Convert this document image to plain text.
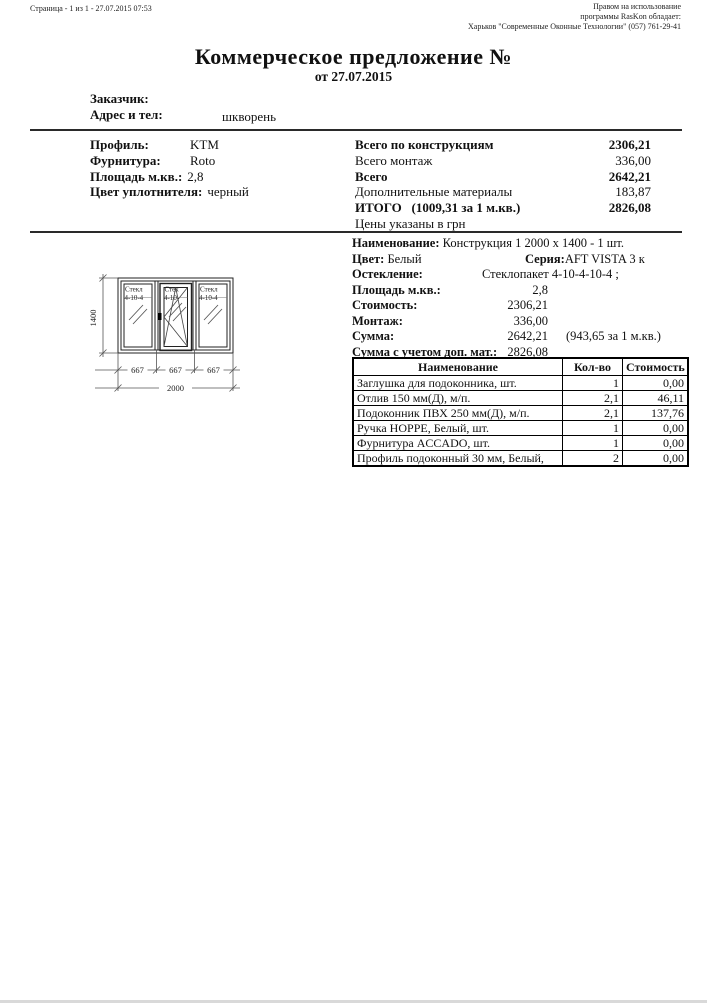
Страница - 1 из 1 - 27.07.2015 07:53	Правом на использование
программы RasKon обладает:
Харьков "Современные Оконные Технологии" (057) 761-29-41
Коммерческое предложение №
от 27.07.2015
Заказчик:
Адрес и тел:	шкворень
Профиль:	KTM
Фурнитура: Roto
Площадь м.кв.: 2,8
Цвет уплотнителя: черный
Всего по конструкциям	2306,21
Всего монтаж	336,00
Всего	2642,21
Дополнительные материалы	183,87
ИТОГО   (1009,31 за 1 м.кв.)	2826,08
Цены указаны в грн
Стекл
4-10-4
Стек
4-10-
Стекл
4-10-4
1400
667	667	667
2000
Наименование: Конструкция 1 2000 х 1400 - 1 шт.
Цвет: Белый	Серия:AFT VISTA 3 к
Остекление:	Стеклопакет 4-10-4-10-4 ;
Площадь м.кв.:	2,8
Стоимость:	2306,21
Монтаж:	336,00
Сумма:	2642,21 (943,65 за 1 м.кв.)
Сумма с учетом доп. мат.: 2826,08
Наименование	Кол-во	Стоимость
Заглушка для подоконника, шт.	1	0,00
Отлив 150 мм(Д), м/п.	2,1	46,11
Подоконник ПВХ 250 мм(Д), м/п.	2,1	137,76
Ручка HOPPE, Белый, шт.	1	0,00
Фурнитура ACCADO, шт.	1	0,00
Профиль подоконный 30 мм, Белый,	2	0,00
